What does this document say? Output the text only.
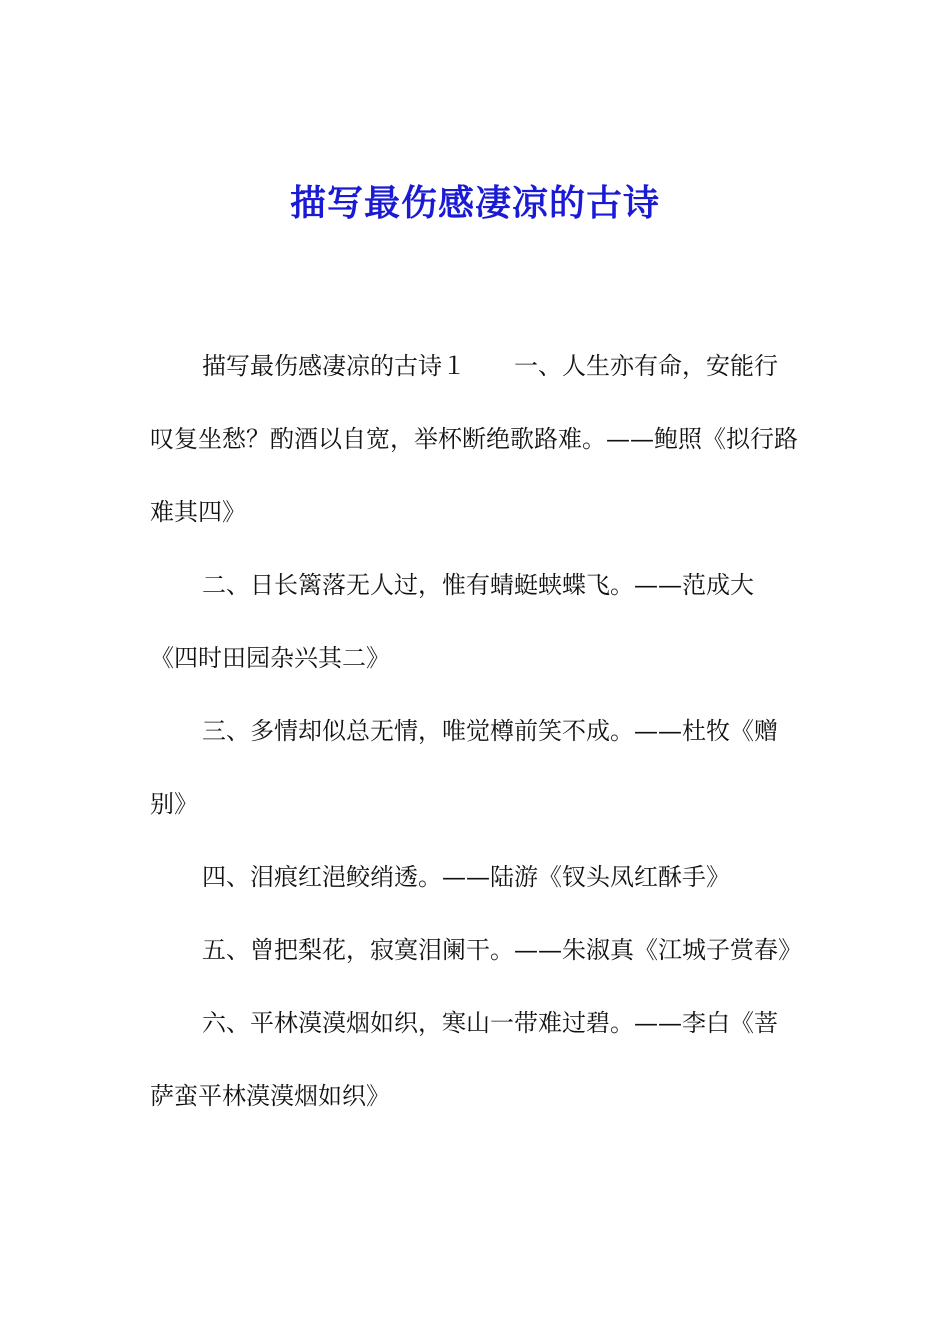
描写最伤感凄凉的古诗

描写最伤感凄凉的古诗１ 一、人生亦有命，安能行叹复坐愁？酌酒以自宽，举杯断绝歌路难。——鲍照《拟行路难其四》

二、日长篱落无人过，惟有蜻蜓蛱蝶飞。——范成大《四时田园杂兴其二》

三、多情却似总无情，唯觉樽前笑不成。——杜牧《赠别》

四、泪痕红浥鲛绡透。——陆游《钗头凤红酥手》

五、曾把梨花，寂寞泪阑干。——朱淑真《江城子赏春》

六、平林漠漠烟如织，寒山一带难过碧。——李白《菩萨蛮平林漠漠烟如织》
